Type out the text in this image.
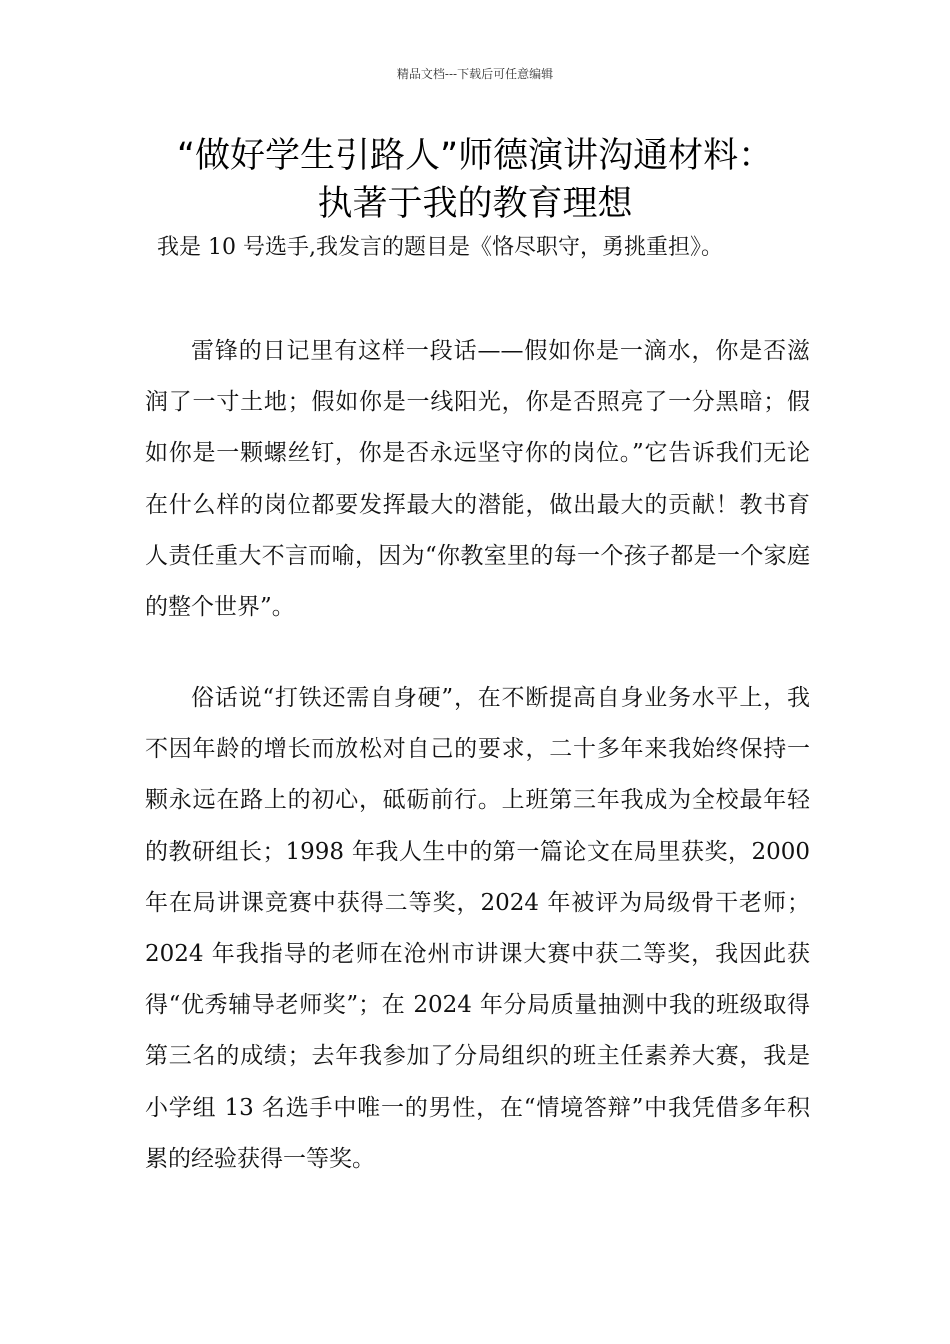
精品文档---下载后可任意编辑
“做好学生引路人”师德演讲沟通材料：
执著于我的教育理想
我是 10 号选手,我发言的题目是《恪尽职守，勇挑重担》。

雷锋的日记里有这样一段话——假如你是一滴水，你是否滋润了一寸土地；假如你是一线阳光，你是否照亮了一分黑暗；假如你是一颗螺丝钉，你是否永远坚守你的岗位。”它告诉我们无论在什么样的岗位都要发挥最大的潜能，做出最大的贡献！教书育人责任重大不言而喻，因为“你教室里的每一个孩子都是一个家庭的整个世界”。

俗话说“打铁还需自身硬”，在不断提高自身业务水平上，我不因年龄的增长而放松对自己的要求，二十多年来我始终保持一颗永远在路上的初心，砥砺前行。上班第三年我成为全校最年轻的教研组长；1998 年我人生中的第一篇论文在局里获奖，2000 年在局讲课竞赛中获得二等奖，2024 年被评为局级骨干老师；2024 年我指导的老师在沧州市讲课大赛中获二等奖，我因此获得“优秀辅导老师奖”；在 2024 年分局质量抽测中我的班级取得第三名的成绩；去年我参加了分局组织的班主任素养大赛，我是小学组 13 名选手中唯一的男性，在“情境答辩”中我凭借多年积累的经验获得一等奖。
